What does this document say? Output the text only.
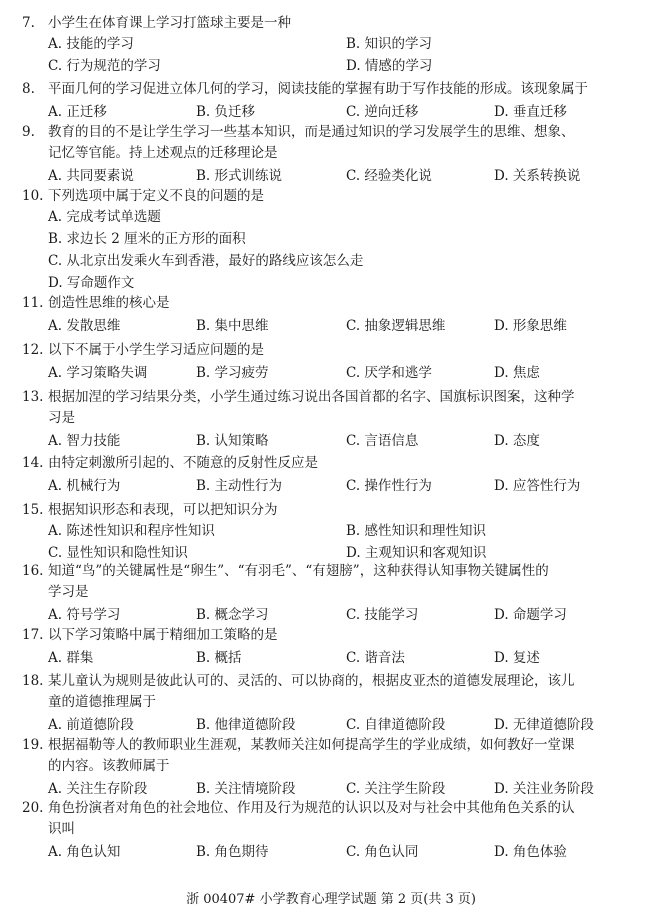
7. 小学生在体育课上学习打篮球主要是一种
A. 技能的学习	B. 知识的学习
C. 行为规范的学习	D. 情感的学习
8. 平面几何的学习促进立体几何的学习，阅读技能的掌握有助于写作技能的形成。该现象属于
A. 正迁移	B. 负迁移	C. 逆向迁移	D. 垂直迁移
9. 教育的目的不是让学生学习一些基本知识，而是通过知识的学习发展学生的思维、想象、
记忆等官能。持上述观点的迁移理论是
A. 共同要素说	B. 形式训练说	C. 经验类化说	D. 关系转换说
10. 下列选项中属于定义不良的问题的是
A. 完成考试单选题
B. 求边长 2 厘米的正方形的面积
C. 从北京出发乘火车到香港，最好的路线应该怎么走
D. 写命题作文
11. 创造性思维的核心是
A. 发散思维	B. 集中思维	C. 抽象逻辑思维	D. 形象思维
12. 以下不属于小学生学习适应问题的是
A. 学习策略失调	B. 学习疲劳	C. 厌学和逃学	D. 焦虑
13. 根据加涅的学习结果分类，小学生通过练习说出各国首都的名字、国旗标识图案，这种学
习是
A. 智力技能	B. 认知策略	C. 言语信息	D. 态度
14. 由特定刺激所引起的、不随意的反射性反应是
A. 机械行为	B. 主动性行为	C. 操作性行为	D. 应答性行为
15. 根据知识形态和表现，可以把知识分为
A. 陈述性知识和程序性知识	B. 感性知识和理性知识
C. 显性知识和隐性知识	D. 主观知识和客观知识
16. 知道“鸟”的关键属性是“卵生”、“有羽毛”、“有翅膀”，这种获得认知事物关键属性的
学习是
A. 符号学习	B. 概念学习	C. 技能学习	D. 命题学习
17. 以下学习策略中属于精细加工策略的是
A. 群集	B. 概括	C. 谐音法	D. 复述
18. 某儿童认为规则是彼此认可的、灵活的、可以协商的，根据皮亚杰的道德发展理论，该儿
童的道德推理属于
A. 前道德阶段	B. 他律道德阶段	C. 自律道德阶段	D. 无律道德阶段
19. 根据福勒等人的教师职业生涯观，某教师关注如何提高学生的学业成绩，如何教好一堂课
的内容。该教师属于
A. 关注生存阶段	B. 关注情境阶段	C. 关注学生阶段	D. 关注业务阶段
20. 角色扮演者对角色的社会地位、作用及行为规范的认识以及对与社会中其他角色关系的认
识叫
A. 角色认知	B. 角色期待	C. 角色认同	D. 角色体验
浙 00407# 小学教育心理学试题 第 2 页(共 3 页)
